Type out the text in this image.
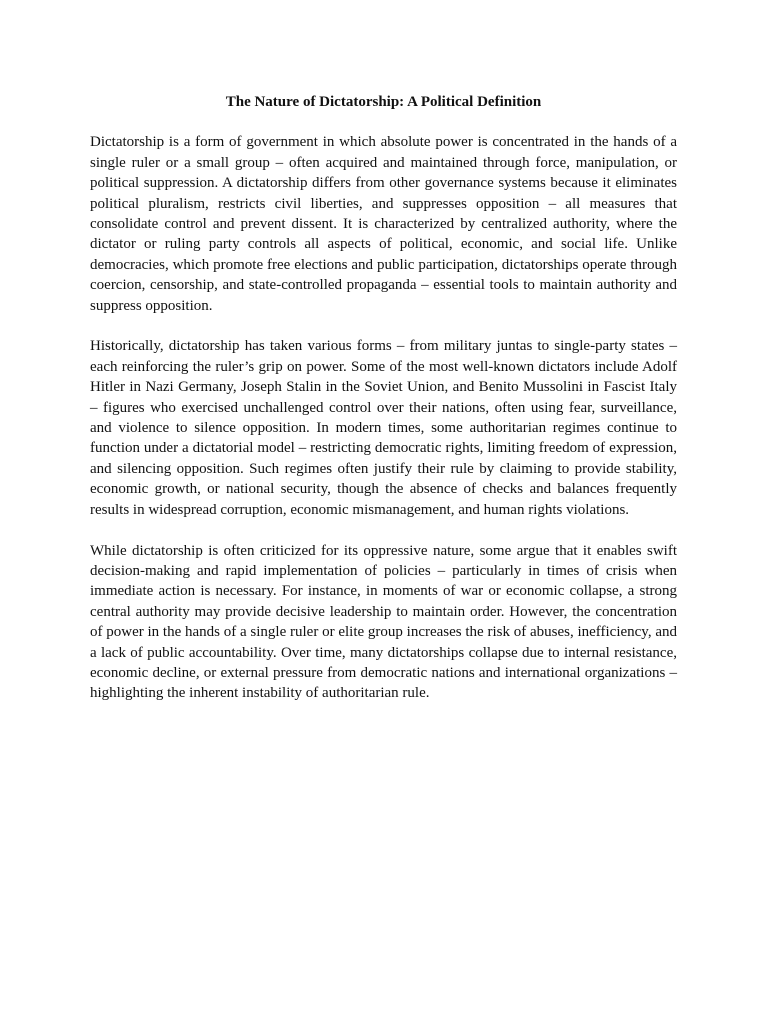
The Nature of Dictatorship: A Political Definition

Dictatorship is a form of government in which absolute power is concentrated in the hands of a single ruler or a small group – often acquired and maintained through force, manipulation, or political suppression. A dictatorship differs from other governance systems because it eliminates political pluralism, restricts civil liberties, and suppresses opposition – all measures that consolidate control and prevent dissent. It is characterized by centralized authority, where the dictator or ruling party controls all aspects of political, economic, and social life. Unlike democracies, which promote free elections and public participation, dictatorships operate through coercion, censorship, and state-controlled propaganda – essential tools to maintain authority and suppress opposition.

Historically, dictatorship has taken various forms – from military juntas to single-party states – each reinforcing the ruler’s grip on power. Some of the most well-known dictators include Adolf Hitler in Nazi Germany, Joseph Stalin in the Soviet Union, and Benito Mussolini in Fascist Italy – figures who exercised unchallenged control over their nations, often using fear, surveillance, and violence to silence opposition. In modern times, some authoritarian regimes continue to function under a dictatorial model – restricting democratic rights, limiting freedom of expression, and silencing opposition. Such regimes often justify their rule by claiming to provide stability, economic growth, or national security, though the absence of checks and balances frequently results in widespread corruption, economic mismanagement, and human rights violations.

While dictatorship is often criticized for its oppressive nature, some argue that it enables swift decision-making and rapid implementation of policies – particularly in times of crisis when immediate action is necessary. For instance, in moments of war or economic collapse, a strong central authority may provide decisive leadership to maintain order. However, the concentration of power in the hands of a single ruler or elite group increases the risk of abuses, inefficiency, and a lack of public accountability. Over time, many dictatorships collapse due to internal resistance, economic decline, or external pressure from democratic nations and international organizations – highlighting the inherent instability of authoritarian rule.
